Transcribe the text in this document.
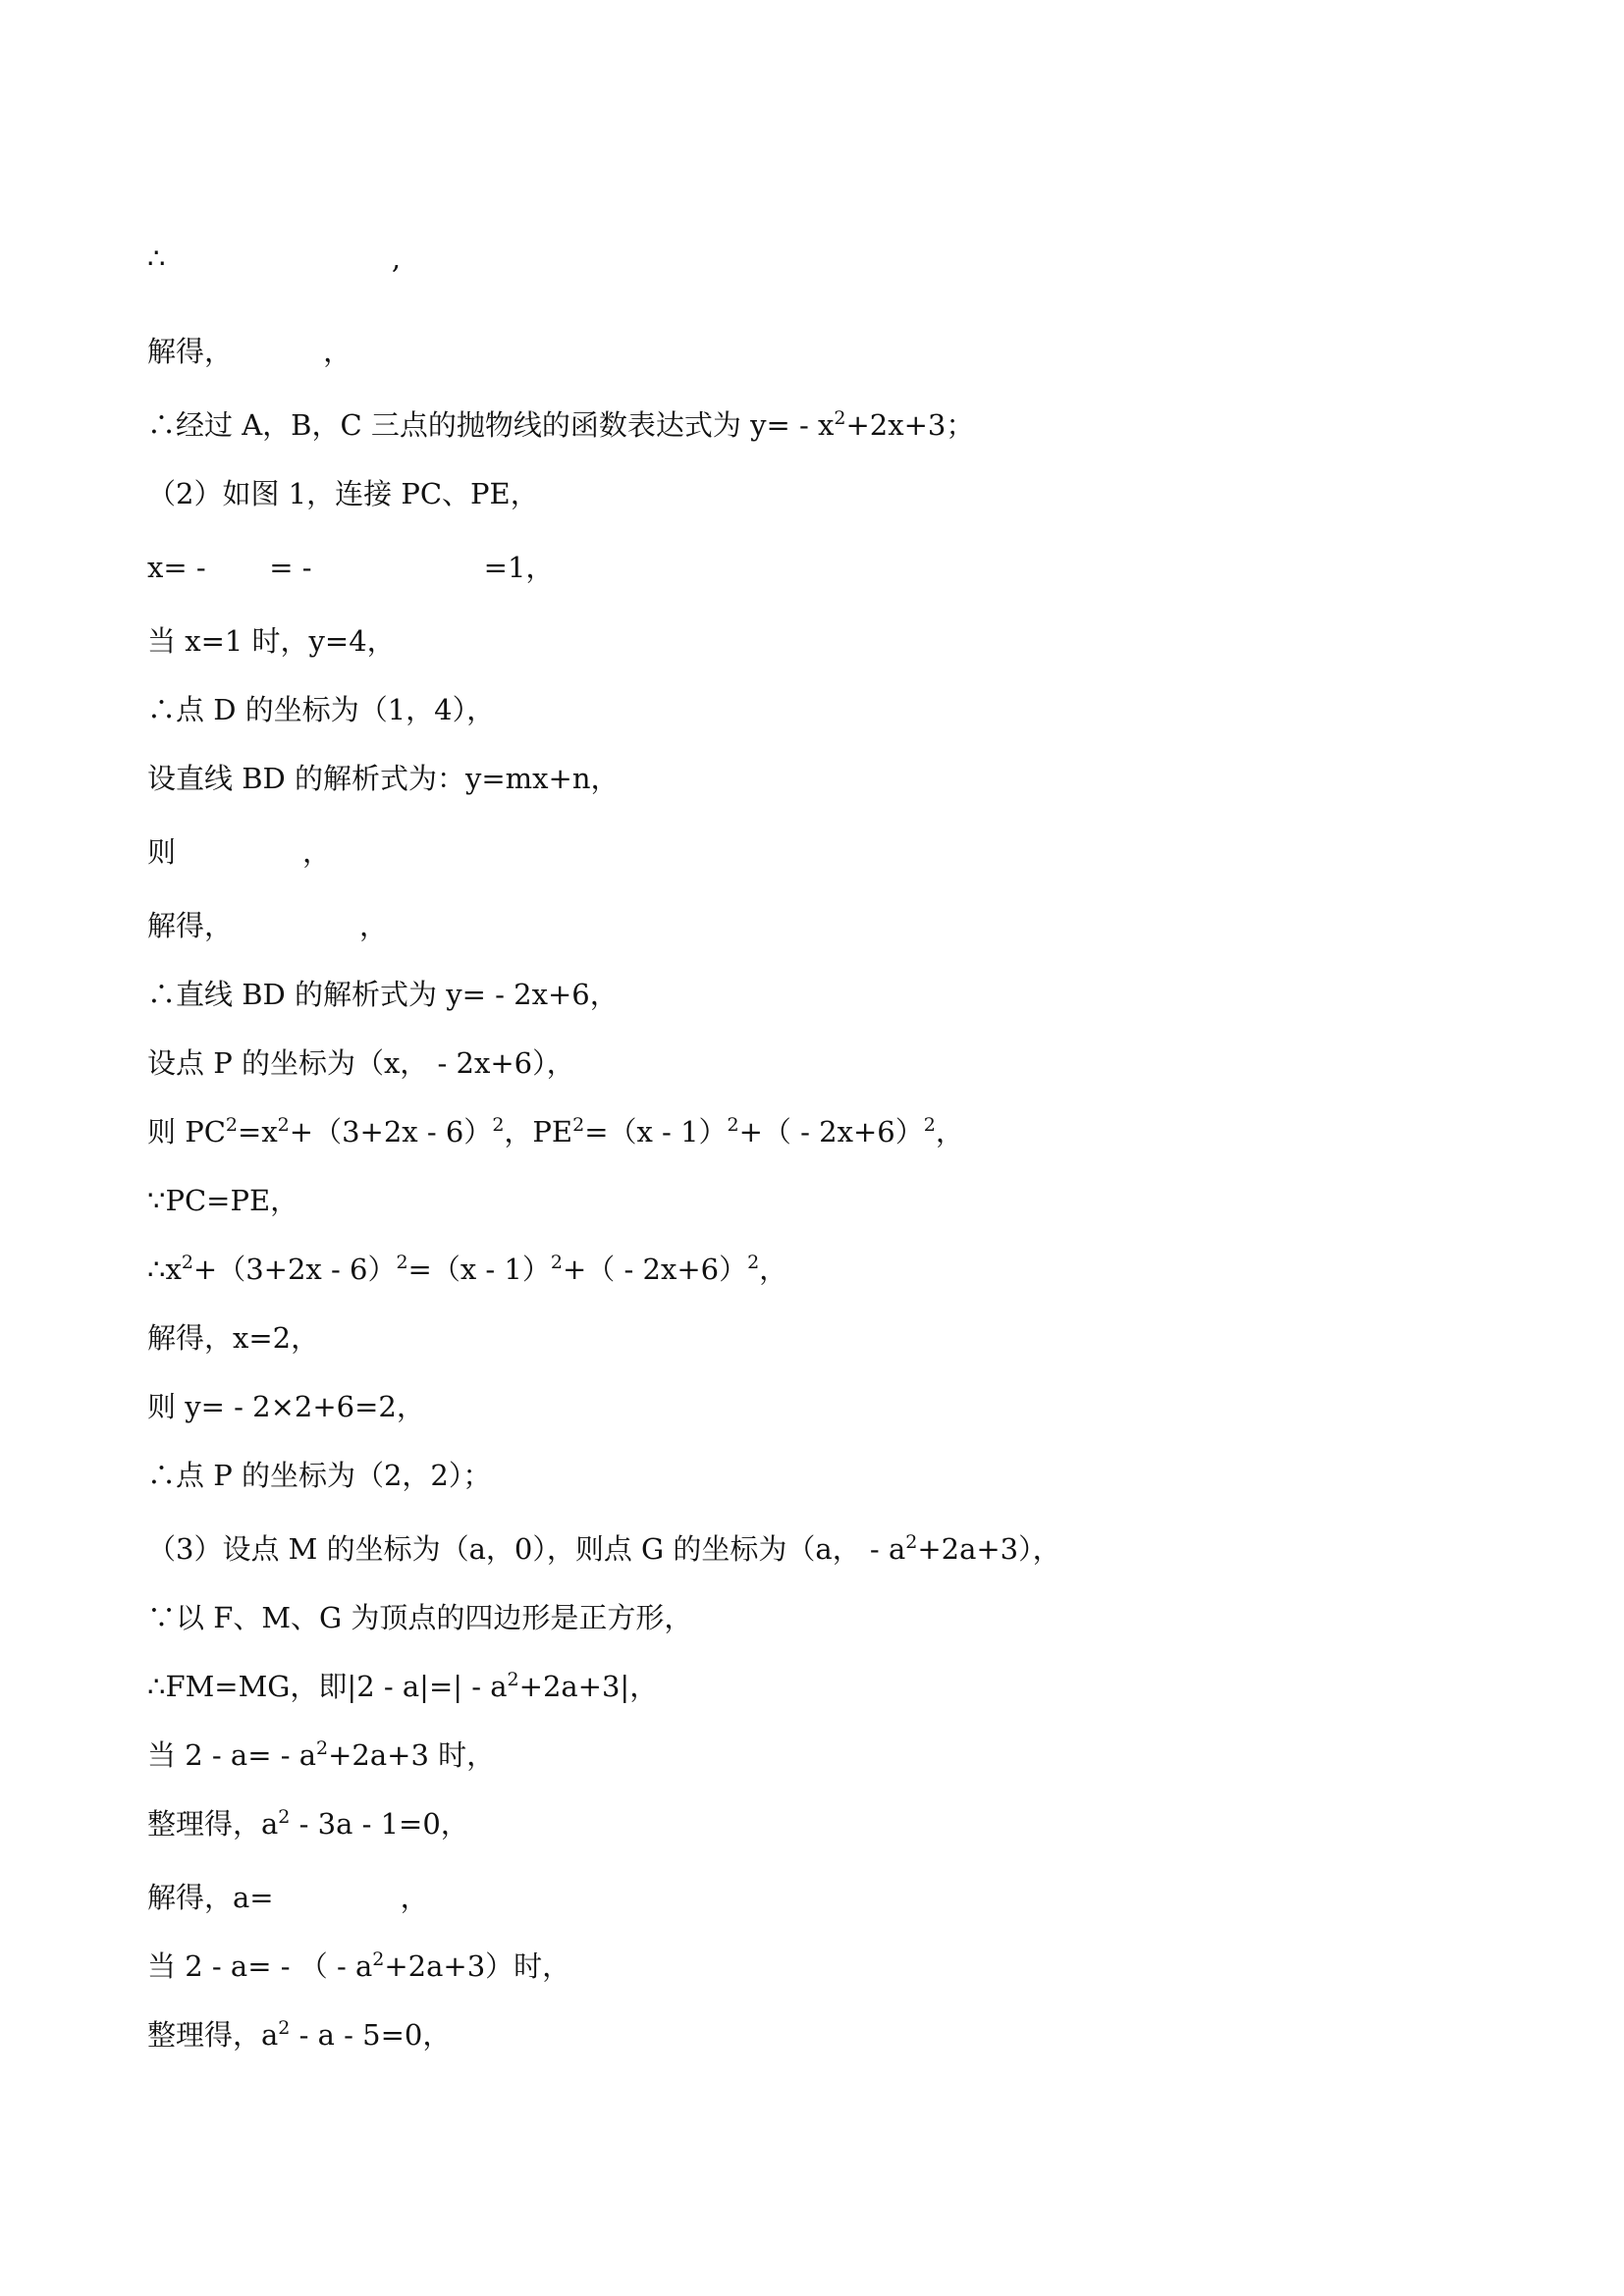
∴                         ,
解得，          ，
∴经过 A，B，C 三点的抛物线的函数表达式为 $y= - x^2+2x+3$；
（2）如图 1，连接 PC、PE，
x= -       = -                   =1，
当 x=1 时，y=4，
∴点 D 的坐标为（1，4），
设直线 BD 的解析式为：y=mx+n，
则              ，
解得，              ，
∴直线 BD 的解析式为 y= - 2x+6，
设点 P 的坐标为（x， - 2x+6），
则 $PC^2=x^2+(3+2x - 6)^2$，$PE^2=(x - 1)^2+( - 2x+6)^2$，
∵PC=PE，
$\therefore x^2+(3+2x - 6)^2=(x - 1)^2+( - 2x+6)^2$，
解得，x=2，
则 y= - 2×2+6=2，
∴点 P 的坐标为（2，2）；
（3）设点 M 的坐标为（a，0），则点 G 的坐标为（a， - $a^2+2a+3$），
∵以 F、M、G 为顶点的四边形是正方形，
∴FM=MG，即$|2 - a|=| - a^2+2a+3|$，
当 $2 - a= - a^2+2a+3$ 时，
整理得，$a^2 - 3a - 1=0$，
解得，a=              ，
当 2 - a= - （ - $a^2+2a+3$）时，
整理得，$a^2 - a - 5=0$，
